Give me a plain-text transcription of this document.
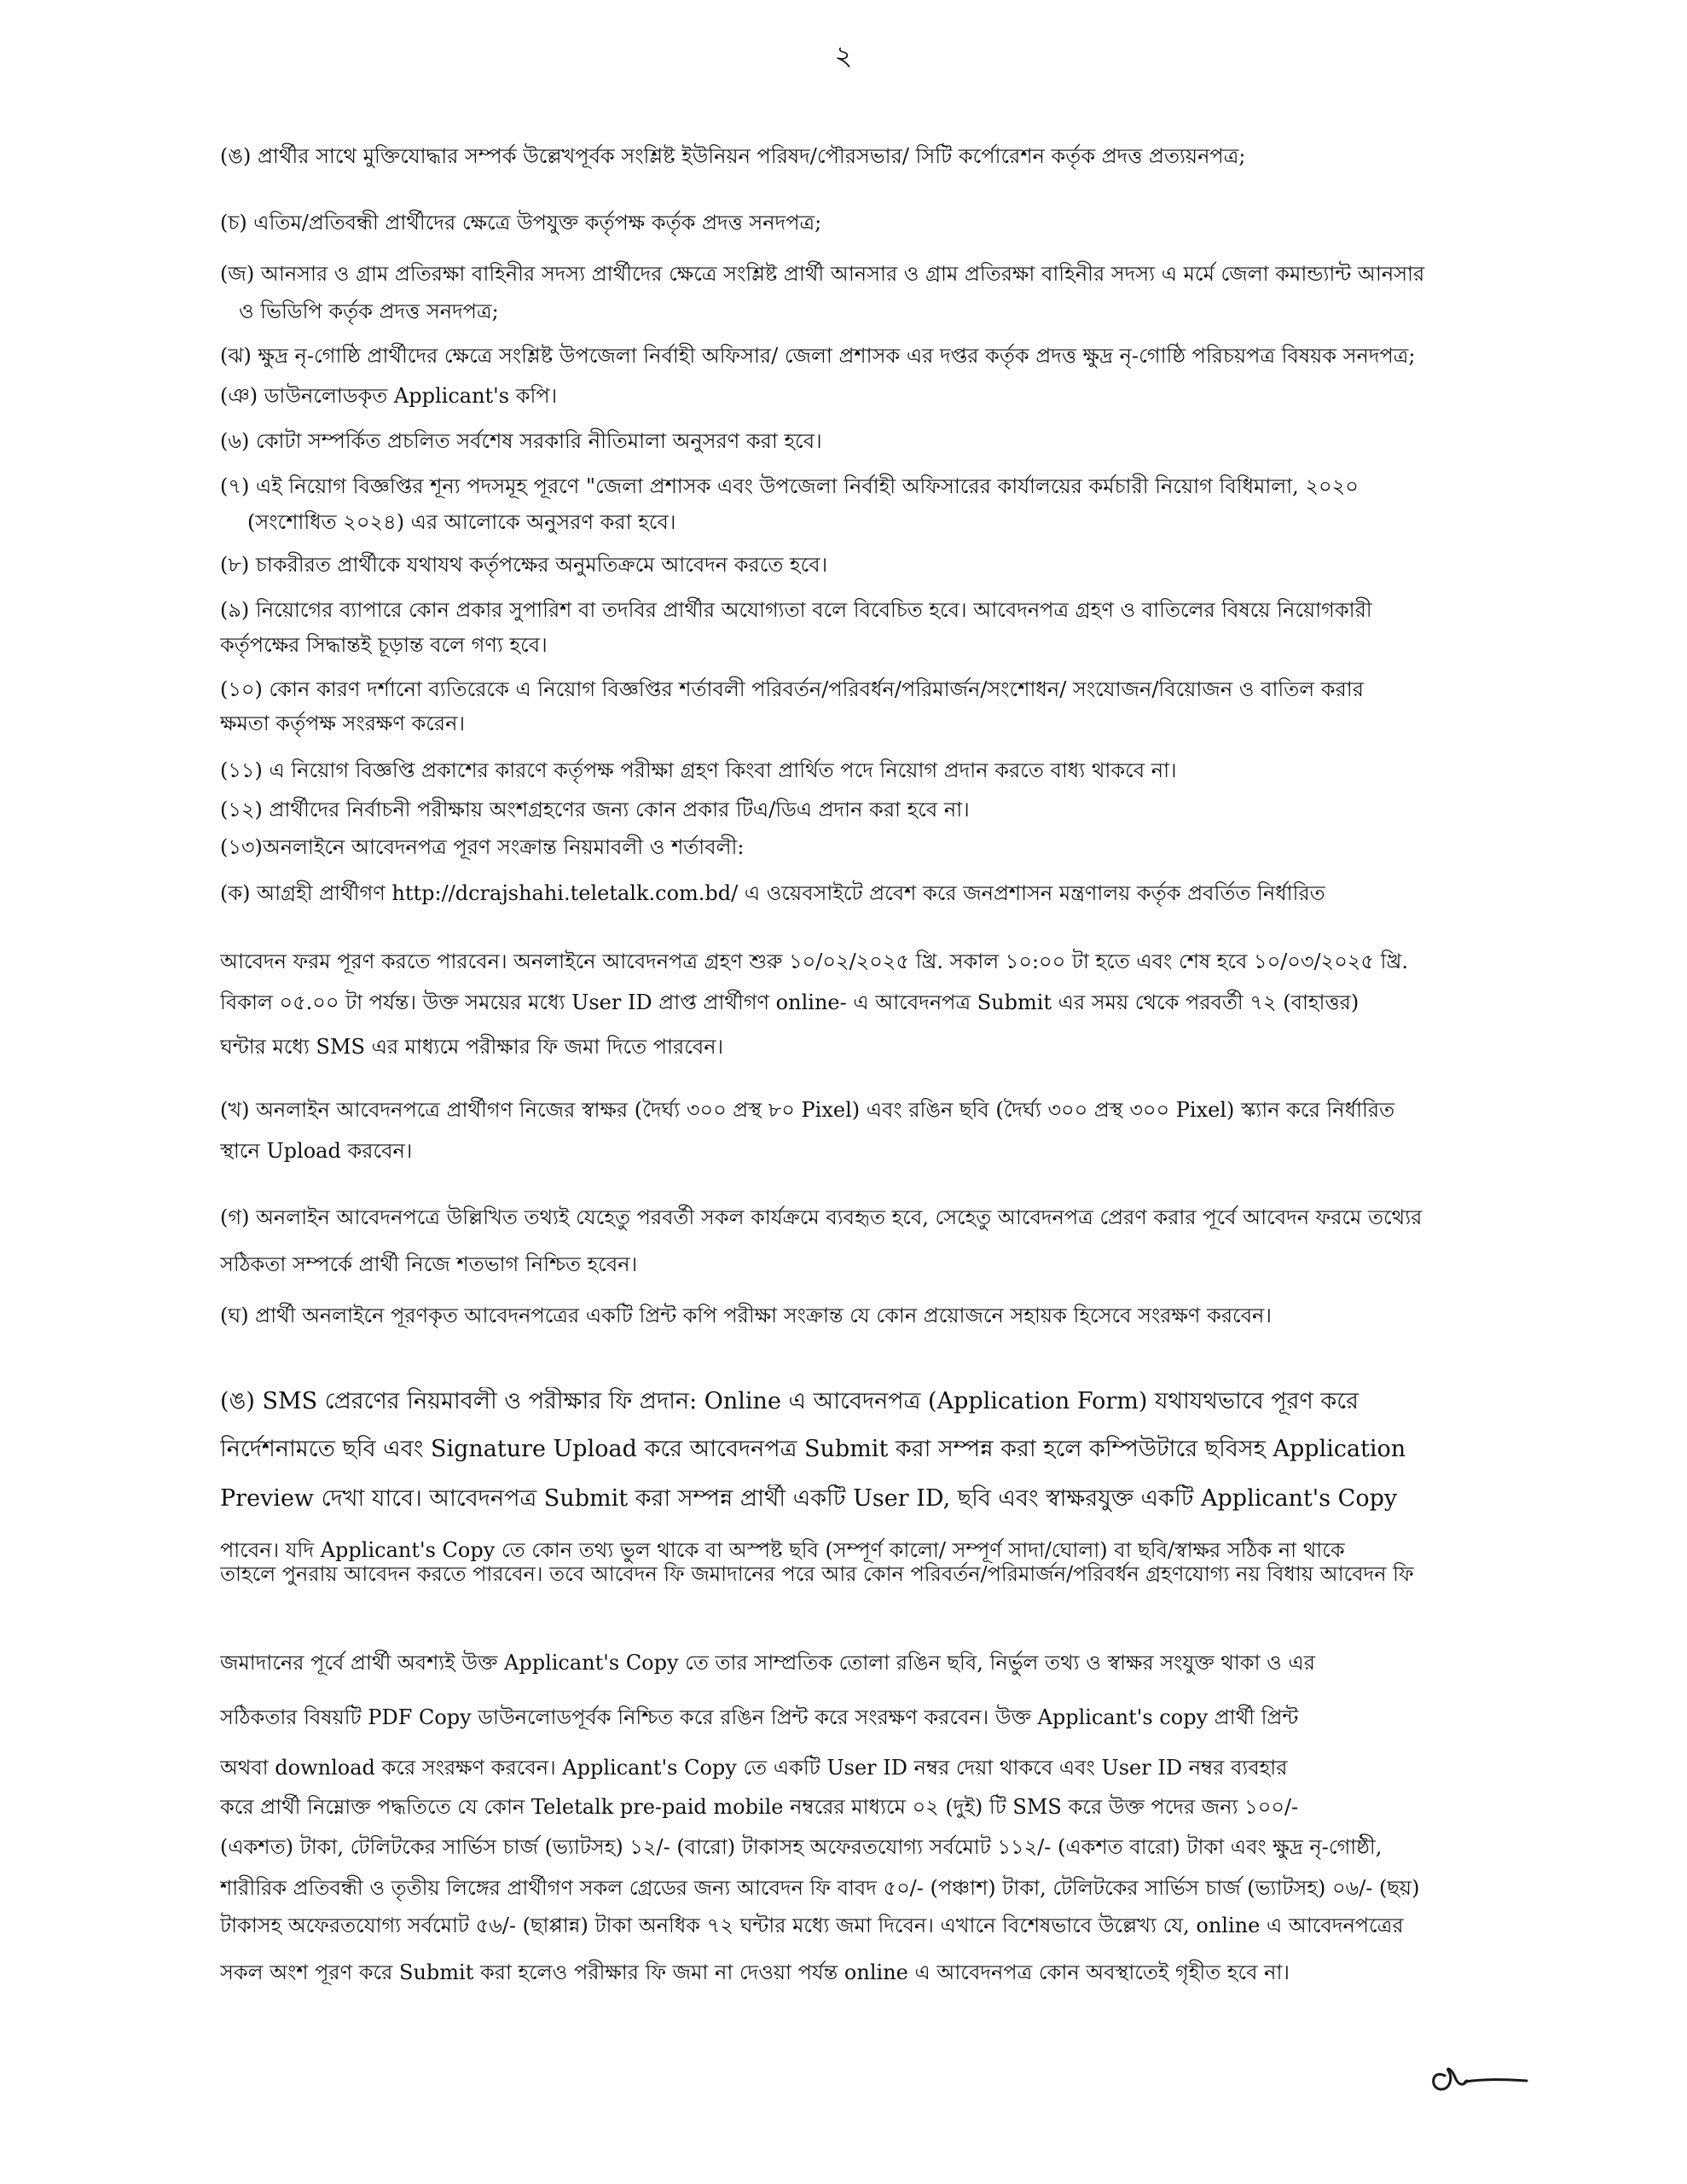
২
(ঙ) প্রার্থীর সাথে মুক্তিযোদ্ধার সম্পর্ক উল্লেখপূর্বক সংশ্লিষ্ট ইউনিয়ন পরিষদ/পৌরসভার/ সিটি কর্পোরেশন কর্তৃক প্রদত্ত প্রত্যয়নপত্র;
(চ) এতিম/প্রতিবন্ধী প্রার্থীদের ক্ষেত্রে উপযুক্ত কর্তৃপক্ষ কর্তৃক প্রদত্ত সনদপত্র;
(জ) আনসার ও গ্রাম প্রতিরক্ষা বাহিনীর সদস্য প্রার্থীদের ক্ষেত্রে সংশ্লিষ্ট প্রার্থী আনসার ও গ্রাম প্রতিরক্ষা বাহিনীর সদস্য এ মর্মে জেলা কমান্ড্যান্ট আনসার
ও ভিডিপি কর্তৃক প্রদত্ত সনদপত্র;
(ঝ) ক্ষুদ্র নৃ-গোষ্ঠি প্রার্থীদের ক্ষেত্রে সংশ্লিষ্ট উপজেলা নির্বাহী অফিসার/ জেলা প্রশাসক এর দপ্তর কর্তৃক প্রদত্ত ক্ষুদ্র নৃ-গোষ্ঠি পরিচয়পত্র বিষয়ক সনদপত্র;
(ঞ) ডাউনলোডকৃত Applicant's কপি।
(৬) কোটা সম্পর্কিত প্রচলিত সর্বশেষ সরকারি নীতিমালা অনুসরণ করা হবে।
(৭) এই নিয়োগ বিজ্ঞপ্তির শূন্য পদসমূহ পূরণে "জেলা প্রশাসক এবং উপজেলা নির্বাহী অফিসারের কার্যালয়ের কর্মচারী নিয়োগ বিধিমালা, ২০২০
(সংশোধিত ২০২৪) এর আলোকে অনুসরণ করা হবে।
(৮) চাকরীরত প্রার্থীকে যথাযথ কর্তৃপক্ষের অনুমতিক্রমে আবেদন করতে হবে।
(৯) নিয়োগের ব্যাপারে কোন প্রকার সুপারিশ বা তদবির প্রার্থীর অযোগ্যতা বলে বিবেচিত হবে। আবেদনপত্র গ্রহণ ও বাতিলের বিষয়ে নিয়োগকারী
কর্তৃপক্ষের সিদ্ধান্তই চূড়ান্ত বলে গণ্য হবে।
(১০) কোন কারণ দর্শানো ব্যতিরেকে এ নিয়োগ বিজ্ঞপ্তির শর্তাবলী পরিবর্তন/পরিবর্ধন/পরিমার্জন/সংশোধন/ সংযোজন/বিয়োজন ও বাতিল করার
ক্ষমতা কর্তৃপক্ষ সংরক্ষণ করেন।
(১১) এ নিয়োগ বিজ্ঞপ্তি প্রকাশের কারণে কর্তৃপক্ষ পরীক্ষা গ্রহণ কিংবা প্রার্থিত পদে নিয়োগ প্রদান করতে বাধ্য থাকবে না।
(১২) প্রার্থীদের নির্বাচনী পরীক্ষায় অংশগ্রহণের জন্য কোন প্রকার টিএ/ডিএ প্রদান করা হবে না।
(১৩)অনলাইনে আবেদনপত্র পূরণ সংক্রান্ত নিয়মাবলী ও শর্তাবলী:
(ক) আগ্রহী প্রার্থীগণ http://dcrajshahi.teletalk.com.bd/ এ ওয়েবসাইটে প্রবেশ করে জনপ্রশাসন মন্ত্রণালয় কর্তৃক প্রবর্তিত নির্ধারিত
আবেদন ফরম পূরণ করতে পারবেন। অনলাইনে আবেদনপত্র গ্রহণ শুরু ১০/০২/২০২৫ খ্রি. সকাল ১০:০০ টা হতে এবং শেষ হবে ১০/০৩/২০২৫ খ্রি.
বিকাল ০৫.০০ টা পর্যন্ত। উক্ত সময়ের মধ্যে User ID প্রাপ্ত প্রার্থীগণ online- এ আবেদনপত্র Submit এর সময় থেকে পরবর্তী ৭২ (বাহাত্তর)
ঘন্টার মধ্যে SMS এর মাধ্যমে পরীক্ষার ফি জমা দিতে পারবেন।
(খ) অনলাইন আবেদনপত্রে প্রার্থীগণ নিজের স্বাক্ষর (দৈর্ঘ্য ৩০০ প্রস্থ ৮০ Pixel) এবং রঙিন ছবি (দৈর্ঘ্য ৩০০ প্রস্থ ৩০০ Pixel) স্ক্যান করে নির্ধারিত
স্থানে Upload করবেন।
(গ) অনলাইন আবেদনপত্রে উল্লিখিত তথ্যই যেহেতু পরবর্তী সকল কার্যক্রমে ব্যবহৃত হবে, সেহেতু আবেদনপত্র প্রেরণ করার পূর্বে আবেদন ফরমে তথ্যের
সঠিকতা সম্পর্কে প্রার্থী নিজে শতভাগ নিশ্চিত হবেন।
(ঘ) প্রার্থী অনলাইনে পূরণকৃত আবেদনপত্রের একটি প্রিন্ট কপি পরীক্ষা সংক্রান্ত যে কোন প্রয়োজনে সহায়ক হিসেবে সংরক্ষণ করবেন।
(ঙ) SMS প্রেরণের নিয়মাবলী ও পরীক্ষার ফি প্রদান: Online এ আবেদনপত্র (Application Form) যথাযথভাবে পূরণ করে
নির্দেশনামতে ছবি এবং Signature Upload করে আবেদনপত্র Submit করা সম্পন্ন করা হলে কম্পিউটারে ছবিসহ Application
Preview দেখা যাবে। আবেদনপত্র Submit করা সম্পন্ন প্রার্থী একটি User ID, ছবি এবং স্বাক্ষরযুক্ত একটি Applicant's Copy
পাবেন। যদি Applicant's Copy তে কোন তথ্য ভুল থাকে বা অস্পষ্ট ছবি (সম্পূর্ণ কালো/ সম্পূর্ণ সাদা/ঘোলা) বা ছবি/স্বাক্ষর সঠিক না থাকে
তাহলে পুনরায় আবেদন করতে পারবেন। তবে আবেদন ফি জমাদানের পরে আর কোন পরিবর্তন/পরিমার্জন/পরিবর্ধন গ্রহণযোগ্য নয় বিধায় আবেদন ফি
জমাদানের পূর্বে প্রার্থী অবশ্যই উক্ত Applicant's Copy তে তার সাম্প্রতিক তোলা রঙিন ছবি, নির্ভুল তথ্য ও স্বাক্ষর সংযুক্ত থাকা ও এর
সঠিকতার বিষয়টি PDF Copy ডাউনলোডপূর্বক নিশ্চিত করে রঙিন প্রিন্ট করে সংরক্ষণ করবেন। উক্ত Applicant's copy প্রার্থী প্রিন্ট
অথবা download করে সংরক্ষণ করবেন। Applicant's Copy তে একটি User ID নম্বর দেয়া থাকবে এবং User ID নম্বর ব্যবহার
করে প্রার্থী নিম্নোক্ত পদ্ধতিতে যে কোন Teletalk pre-paid mobile নম্বরের মাধ্যমে ০২ (দুই) টি SMS করে উক্ত পদের জন্য ১০০/-
(একশত) টাকা, টেলিটকের সার্ভিস চার্জ (ভ্যাটসহ) ১২/- (বারো) টাকাসহ অফেরতযোগ্য সর্বমোট ১১২/- (একশত বারো) টাকা এবং ক্ষুদ্র নৃ-গোষ্ঠী,
শারীরিক প্রতিবন্ধী ও তৃতীয় লিঙ্গের প্রার্থীগণ সকল গ্রেডের জন্য আবেদন ফি বাবদ ৫০/- (পঞ্চাশ) টাকা, টেলিটকের সার্ভিস চার্জ (ভ্যাটসহ) ০৬/- (ছয়)
টাকাসহ অফেরতযোগ্য সর্বমোট ৫৬/- (ছাপ্পান্ন) টাকা অনধিক ৭২ ঘন্টার মধ্যে জমা দিবেন। এখানে বিশেষভাবে উল্লেখ্য যে, online এ আবেদনপত্রের
সকল অংশ পূরণ করে Submit করা হলেও পরীক্ষার ফি জমা না দেওয়া পর্যন্ত online এ আবেদনপত্র কোন অবস্থাতেই গৃহীত হবে না।
